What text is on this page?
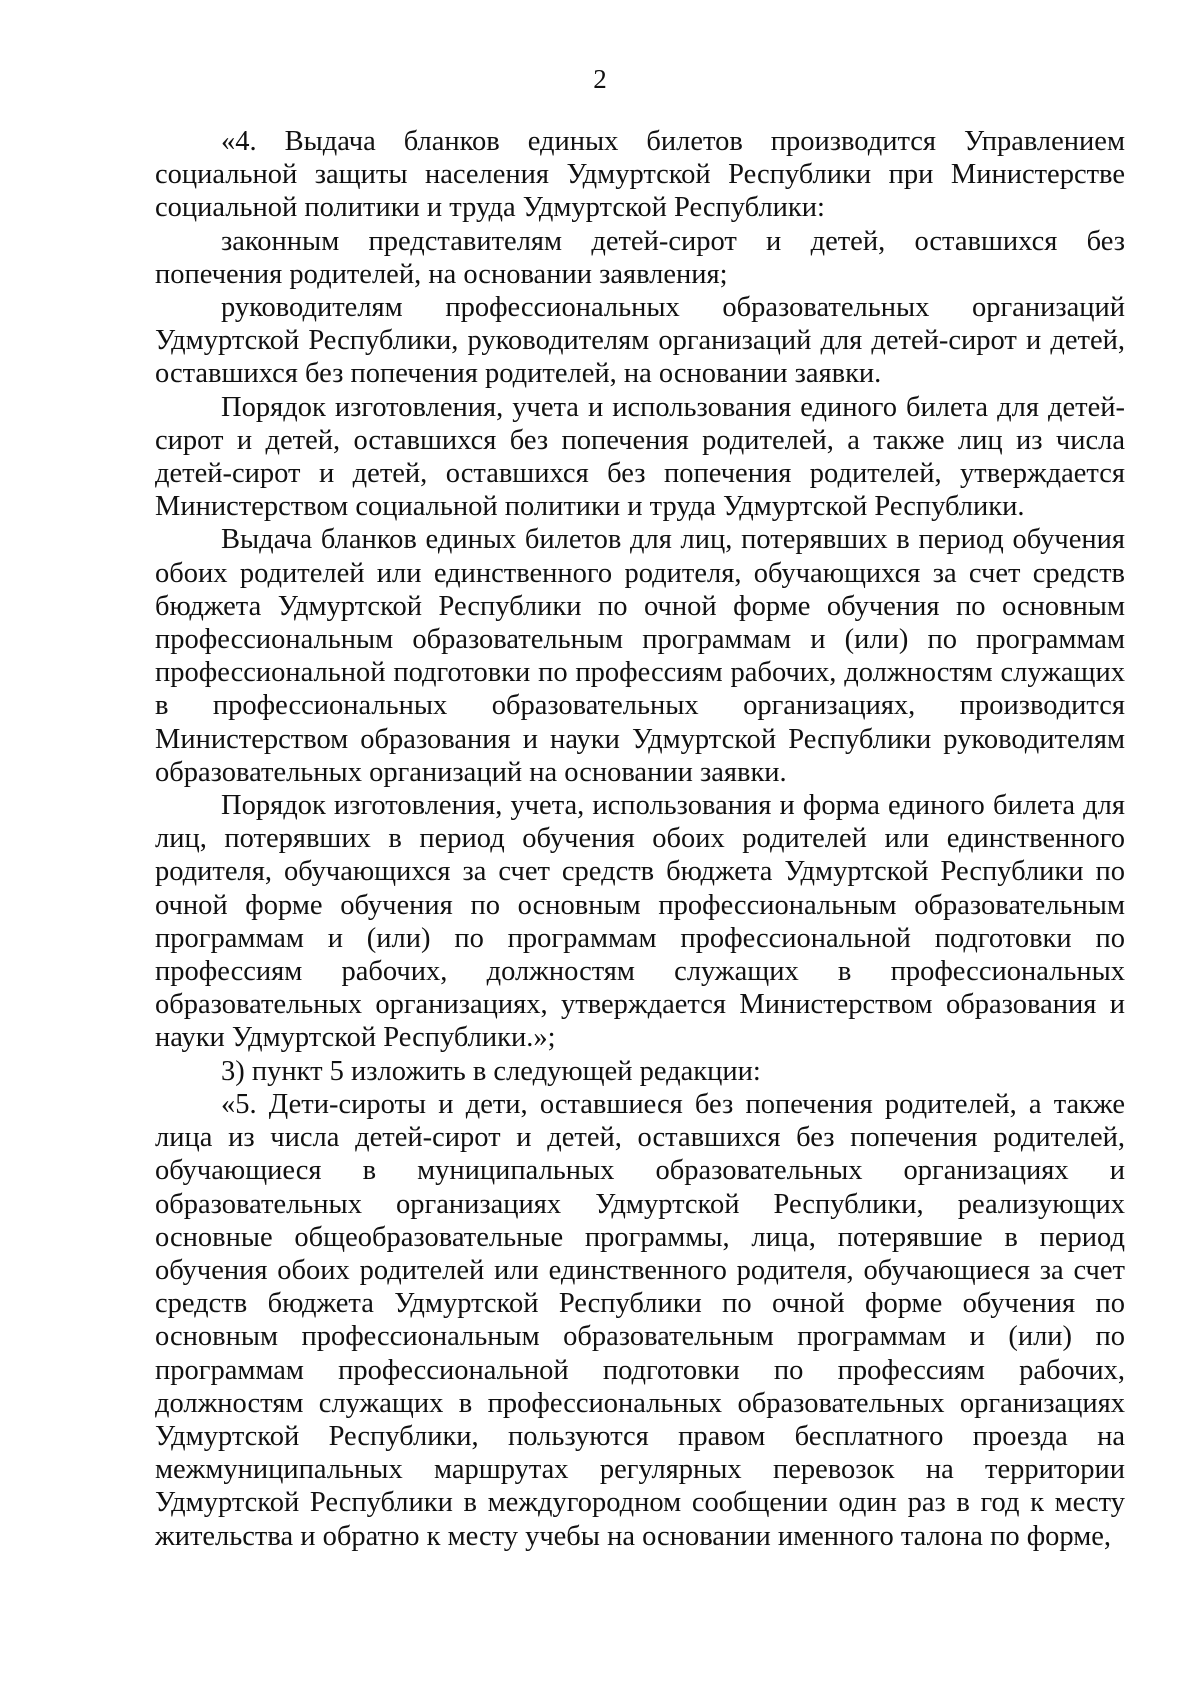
2

«4. Выдача бланков единых билетов производится Управлением социальной защиты населения Удмуртской Республики при Министерстве социальной политики и труда Удмуртской Республики:

законным представителям детей-сирот и детей, оставшихся без попечения родителей, на основании заявления;

руководителям профессиональных образовательных организаций Удмуртской Республики, руководителям организаций для детей-сирот и детей, оставшихся без попечения родителей, на основании заявки.

Порядок изготовления, учета и использования единого билета для детей-сирот и детей, оставшихся без попечения родителей, а также лиц из числа детей-сирот и детей, оставшихся без попечения родителей, утверждается Министерством социальной политики и труда Удмуртской Республики.

Выдача бланков единых билетов для лиц, потерявших в период обучения обоих родителей или единственного родителя, обучающихся за счет средств бюджета Удмуртской Республики по очной форме обучения по основным профессиональным образовательным программам и (или) по программам профессиональной подготовки по профессиям рабочих, должностям служащих в профессиональных образовательных организациях, производится Министерством образования и науки Удмуртской Республики руководителям образовательных организаций на основании заявки.

Порядок изготовления, учета, использования и форма единого билета для лиц, потерявших в период обучения обоих родителей или единственного родителя, обучающихся за счет средств бюджета Удмуртской Республики по очной форме обучения по основным профессиональным образовательным программам и (или) по программам профессиональной подготовки по профессиям рабочих, должностям служащих в профессиональных образовательных организациях, утверждается Министерством образования и науки Удмуртской Республики.»;

3) пункт 5 изложить в следующей редакции:

«5. Дети-сироты и дети, оставшиеся без попечения родителей, а также лица из числа детей-сирот и детей, оставшихся без попечения родителей, обучающиеся в муниципальных образовательных организациях и образовательных организациях Удмуртской Республики, реализующих основные общеобразовательные программы, лица, потерявшие в период обучения обоих родителей или единственного родителя, обучающиеся за счет средств бюджета Удмуртской Республики по очной форме обучения по основным профессиональным образовательным программам и (или) по программам профессиональной подготовки по профессиям рабочих, должностям служащих в профессиональных образовательных организациях Удмуртской Республики, пользуются правом бесплатного проезда на межмуниципальных маршрутах регулярных перевозок на территории Удмуртской Республики в междугородном сообщении один раз в год к месту жительства и обратно к месту учебы на основании именного талона по форме,
